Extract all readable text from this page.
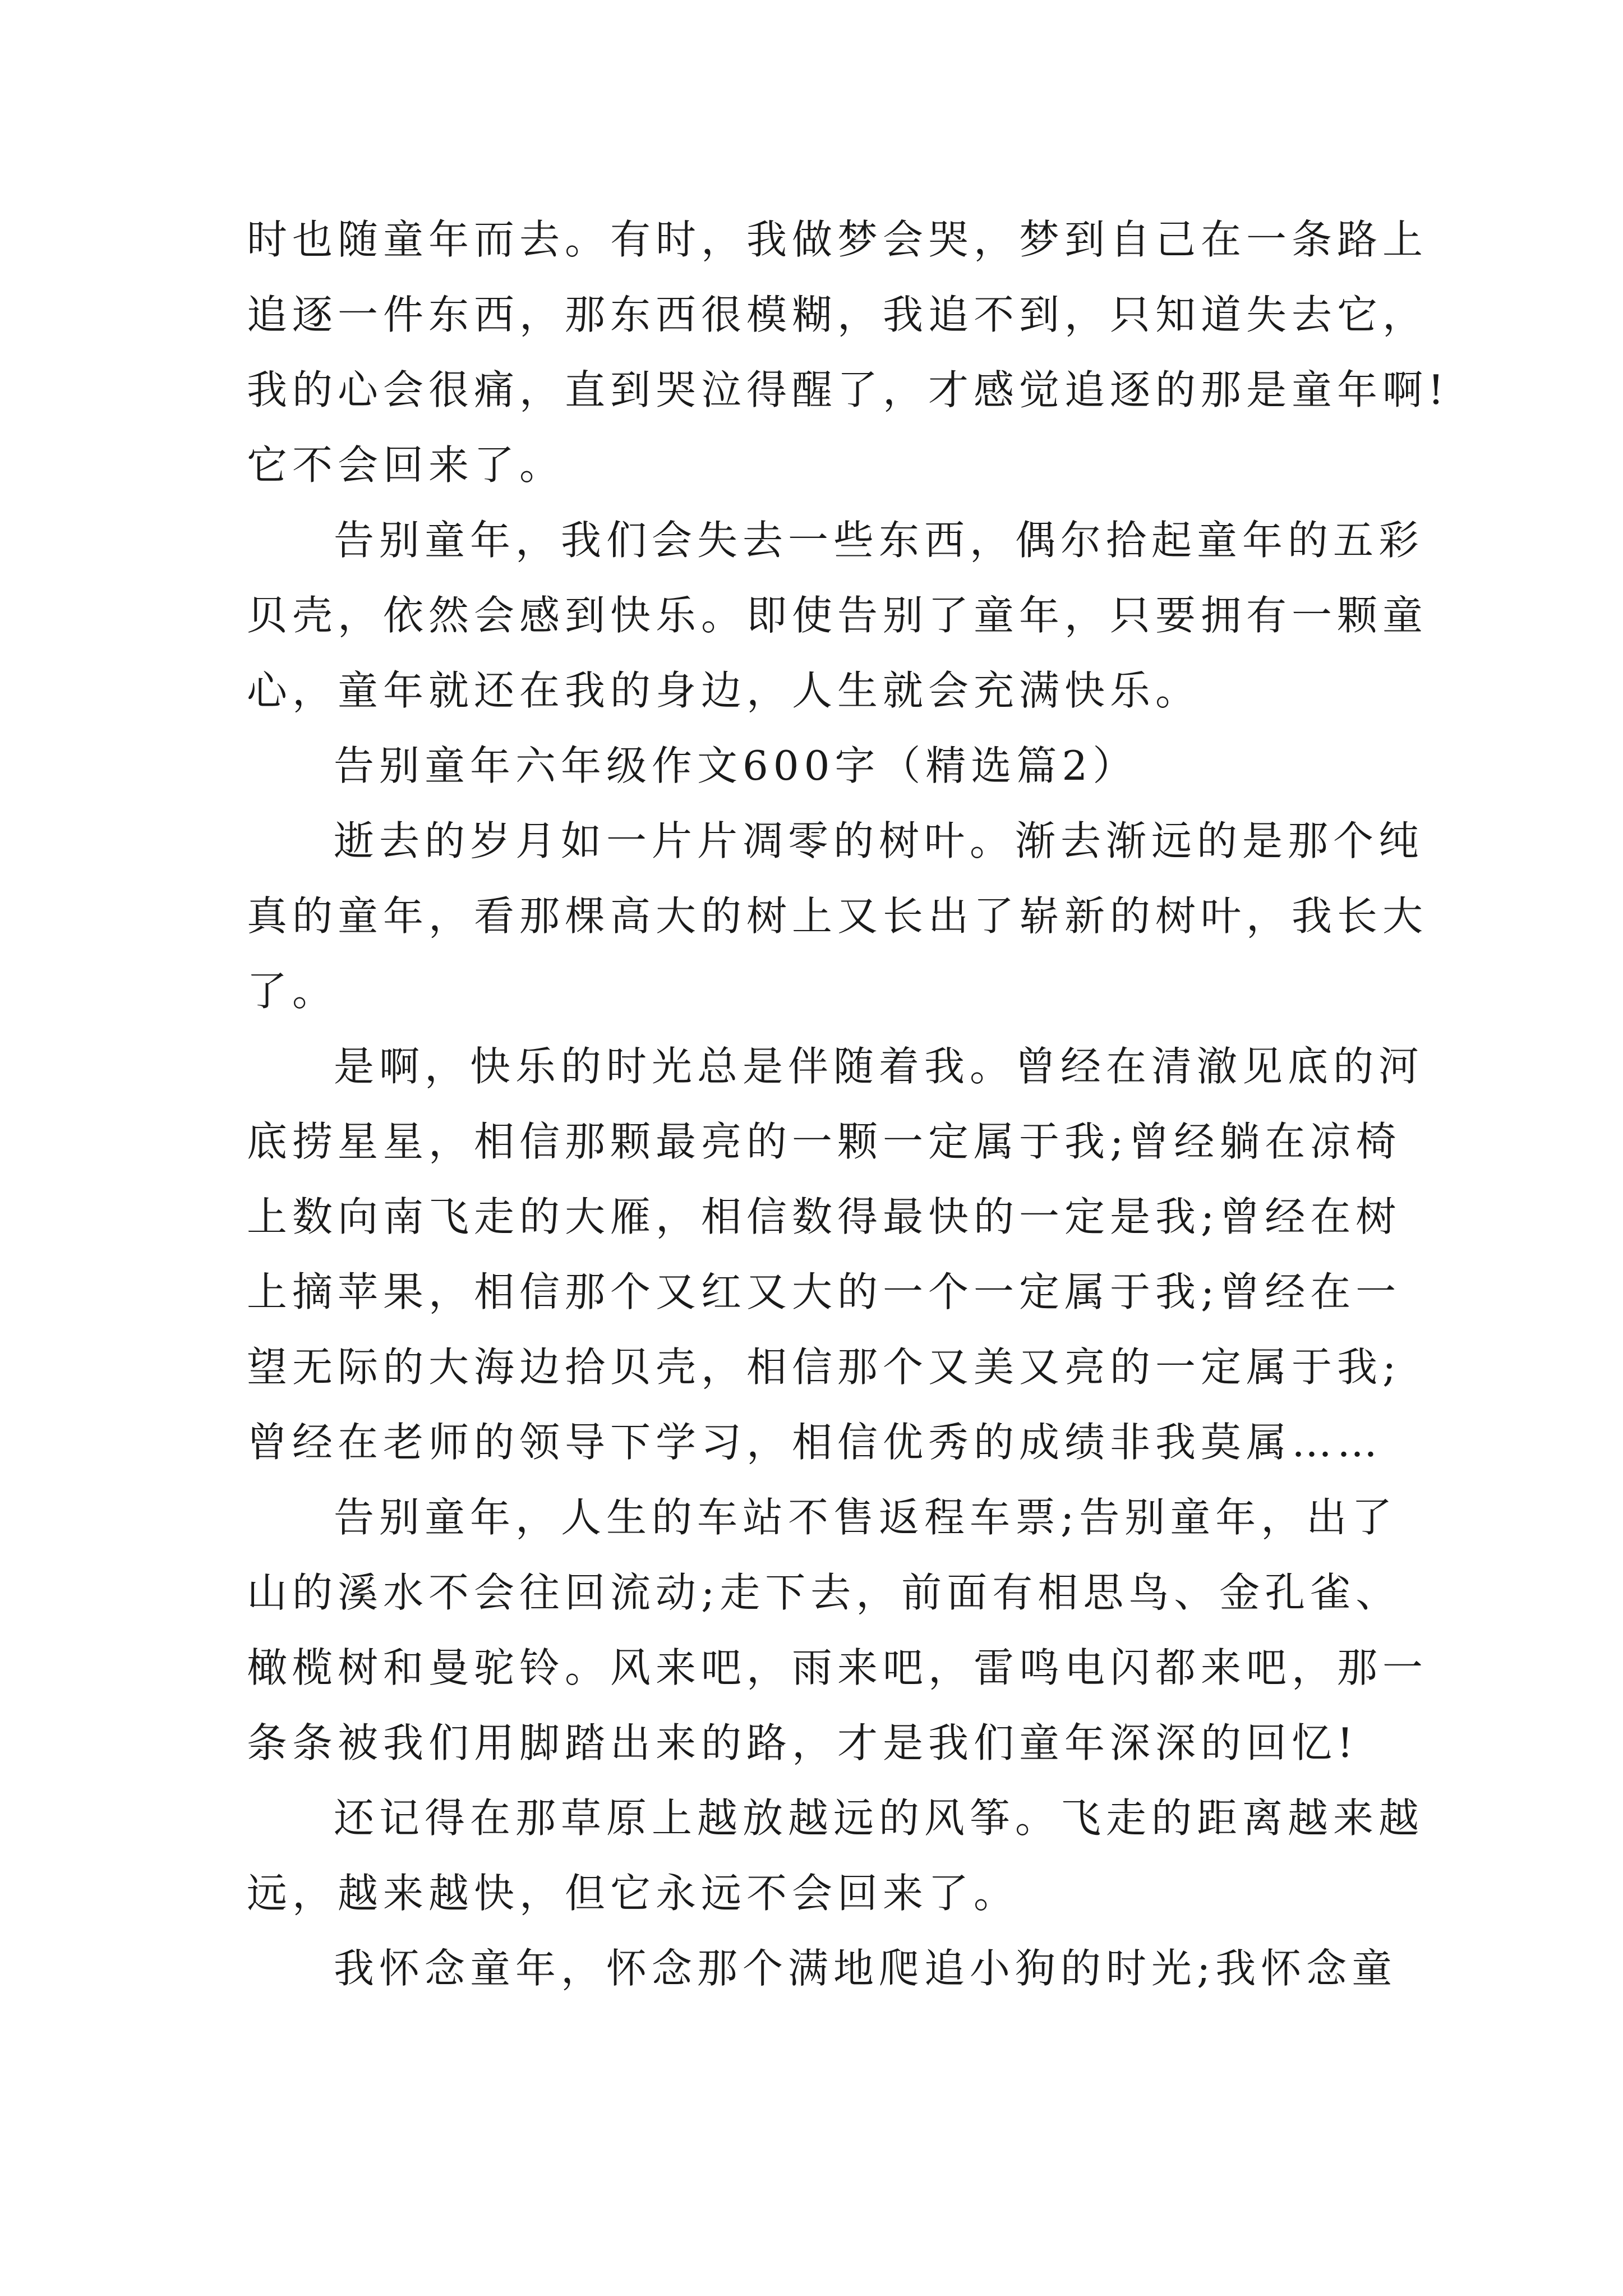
时也随童年而去。有时，我做梦会哭，梦到自己在一条路上
追逐一件东西，那东西很模糊，我追不到，只知道失去它，
我的心会很痛，直到哭泣得醒了，才感觉追逐的那是童年啊!
它不会回来了。
告别童年，我们会失去一些东西，偶尔拾起童年的五彩
贝壳，依然会感到快乐。即使告别了童年，只要拥有一颗童
心，童年就还在我的身边，人生就会充满快乐。
告别童年六年级作文600字（精选篇2）
逝去的岁月如一片片凋零的树叶。渐去渐远的是那个纯
真的童年，看那棵高大的树上又长出了崭新的树叶，我长大
了。
是啊，快乐的时光总是伴随着我。曾经在清澈见底的河
底捞星星，相信那颗最亮的一颗一定属于我;曾经躺在凉椅
上数向南飞走的大雁，相信数得最快的一定是我;曾经在树
上摘苹果，相信那个又红又大的一个一定属于我;曾经在一
望无际的大海边拾贝壳，相信那个又美又亮的一定属于我;
曾经在老师的领导下学习，相信优秀的成绩非我莫属……
告别童年，人生的车站不售返程车票;告别童年，出了
山的溪水不会往回流动;走下去，前面有相思鸟、金孔雀、
橄榄树和曼驼铃。风来吧，雨来吧，雷鸣电闪都来吧，那一
条条被我们用脚踏出来的路，才是我们童年深深的回忆!
还记得在那草原上越放越远的风筝。飞走的距离越来越
远，越来越快，但它永远不会回来了。
我怀念童年，怀念那个满地爬追小狗的时光;我怀念童
